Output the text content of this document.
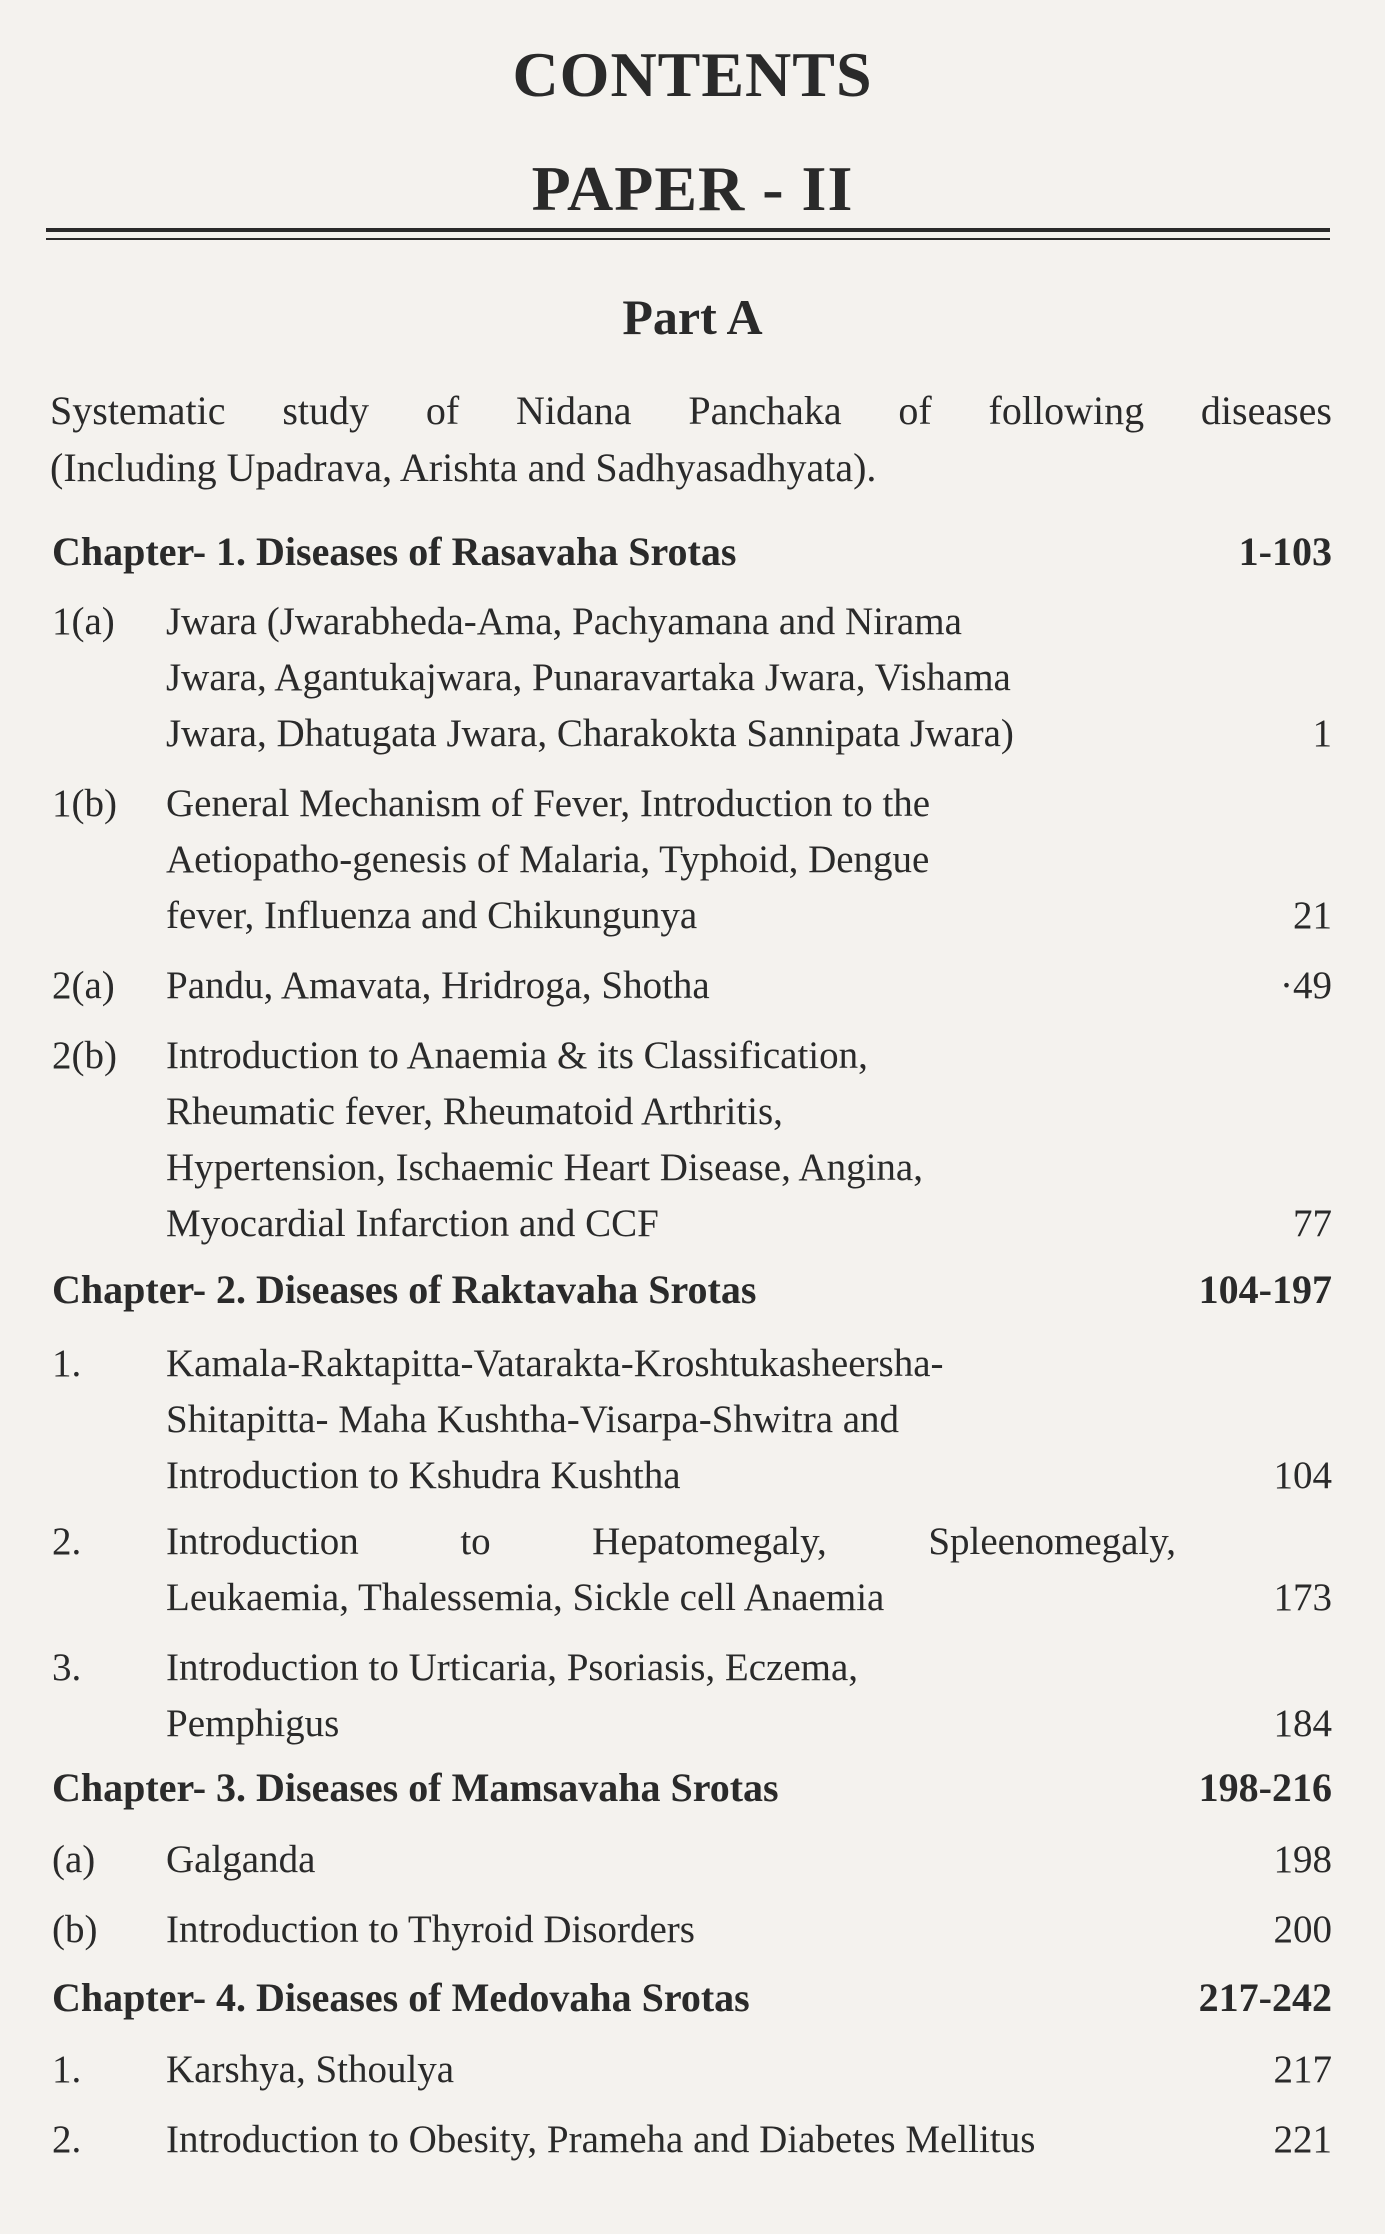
CONTENTS
PAPER - II
Part A
Systematic study of Nidana Panchaka of following diseases
(Including Upadrava, Arishta and Sadhyasadhyata).
Chapter- 1. Diseases of Rasavaha Srotas	1-103
1(a) Jwara (Jwarabheda-Ama, Pachyamana and Nirama
Jwara, Agantukajwara, Punaravartaka Jwara, Vishama
Jwara, Dhatugata Jwara, Charakokta Sannipata Jwara)	1
1(b) General Mechanism of Fever, Introduction to the
Aetiopatho-genesis of Malaria, Typhoid, Dengue
fever, Influenza and Chikungunya	21
2(a) Pandu, Amavata, Hridroga, Shotha	·49
2(b) Introduction to Anaemia & its Classification,
Rheumatic fever, Rheumatoid Arthritis,
Hypertension, Ischaemic Heart Disease, Angina,
Myocardial Infarction and CCF	77
Chapter- 2. Diseases of Raktavaha Srotas	104-197
1. Kamala-Raktapitta-Vatarakta-Kroshtukasheersha-
Shitapitta- Maha Kushtha-Visarpa-Shwitra and
Introduction to Kshudra Kushtha	104
2. Introduction to Hepatomegaly, Spleenomegaly,
Leukaemia, Thalessemia, Sickle cell Anaemia	173
3. Introduction to Urticaria, Psoriasis, Eczema,
Pemphigus	184
Chapter- 3. Diseases of Mamsavaha Srotas	198-216
(a) Galganda	198
(b) Introduction to Thyroid Disorders	200
Chapter- 4. Diseases of Medovaha Srotas	217-242
1. Karshya, Sthoulya	217
2. Introduction to Obesity, Prameha and Diabetes Mellitus	221
